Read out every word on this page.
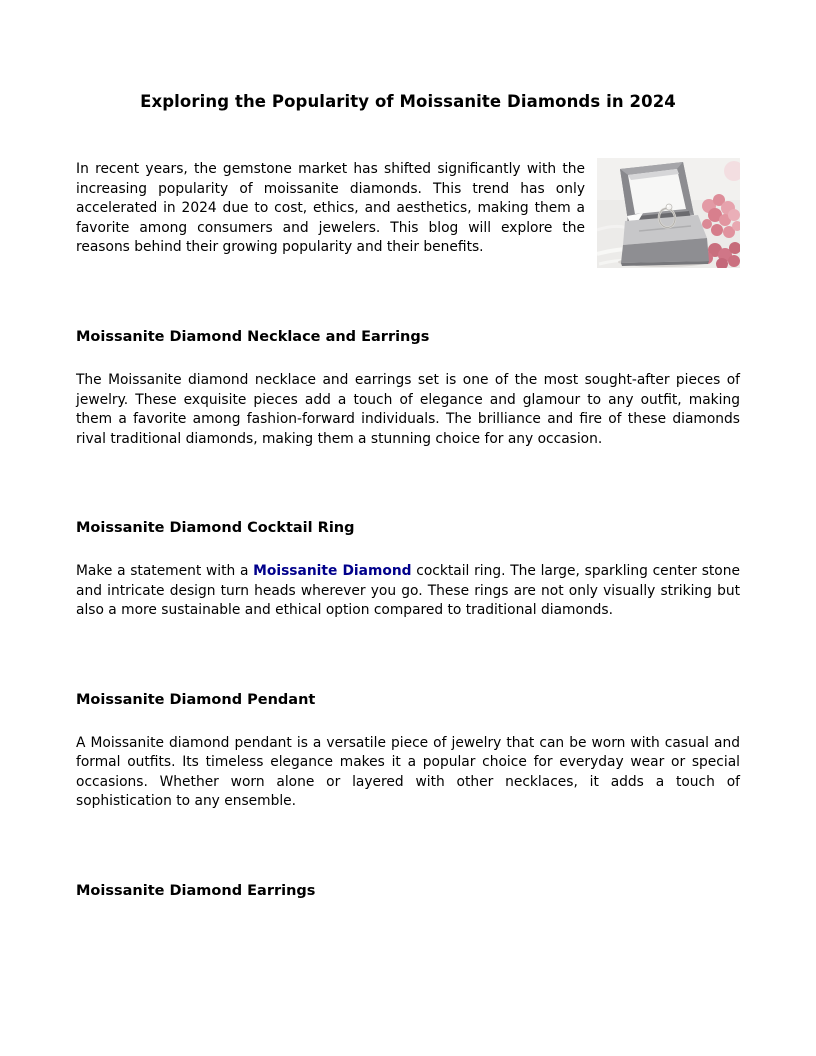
Exploring the Popularity of Moissanite Diamonds in 2024

In recent years, the gemstone market has shifted significantly with the increasing popularity of moissanite diamonds. This trend has only accelerated in 2024 due to cost, ethics, and aesthetics, making them a favorite among consumers and jewelers. This blog will explore the reasons behind their growing popularity and their benefits.

Moissanite Diamond Necklace and Earrings

The Moissanite diamond necklace and earrings set is one of the most sought-after pieces of jewelry. These exquisite pieces add a touch of elegance and glamour to any outfit, making them a favorite among fashion-forward individuals. The brilliance and fire of these diamonds rival traditional diamonds, making them a stunning choice for any occasion.

Moissanite Diamond Cocktail Ring

Make a statement with a Moissanite Diamond cocktail ring. The large, sparkling center stone and intricate design turn heads wherever you go. These rings are not only visually striking but also a more sustainable and ethical option compared to traditional diamonds.

Moissanite Diamond Pendant

A Moissanite diamond pendant is a versatile piece of jewelry that can be worn with casual and formal outfits. Its timeless elegance makes it a popular choice for everyday wear or special occasions. Whether worn alone or layered with other necklaces, it adds a touch of sophistication to any ensemble.

Moissanite Diamond Earrings
